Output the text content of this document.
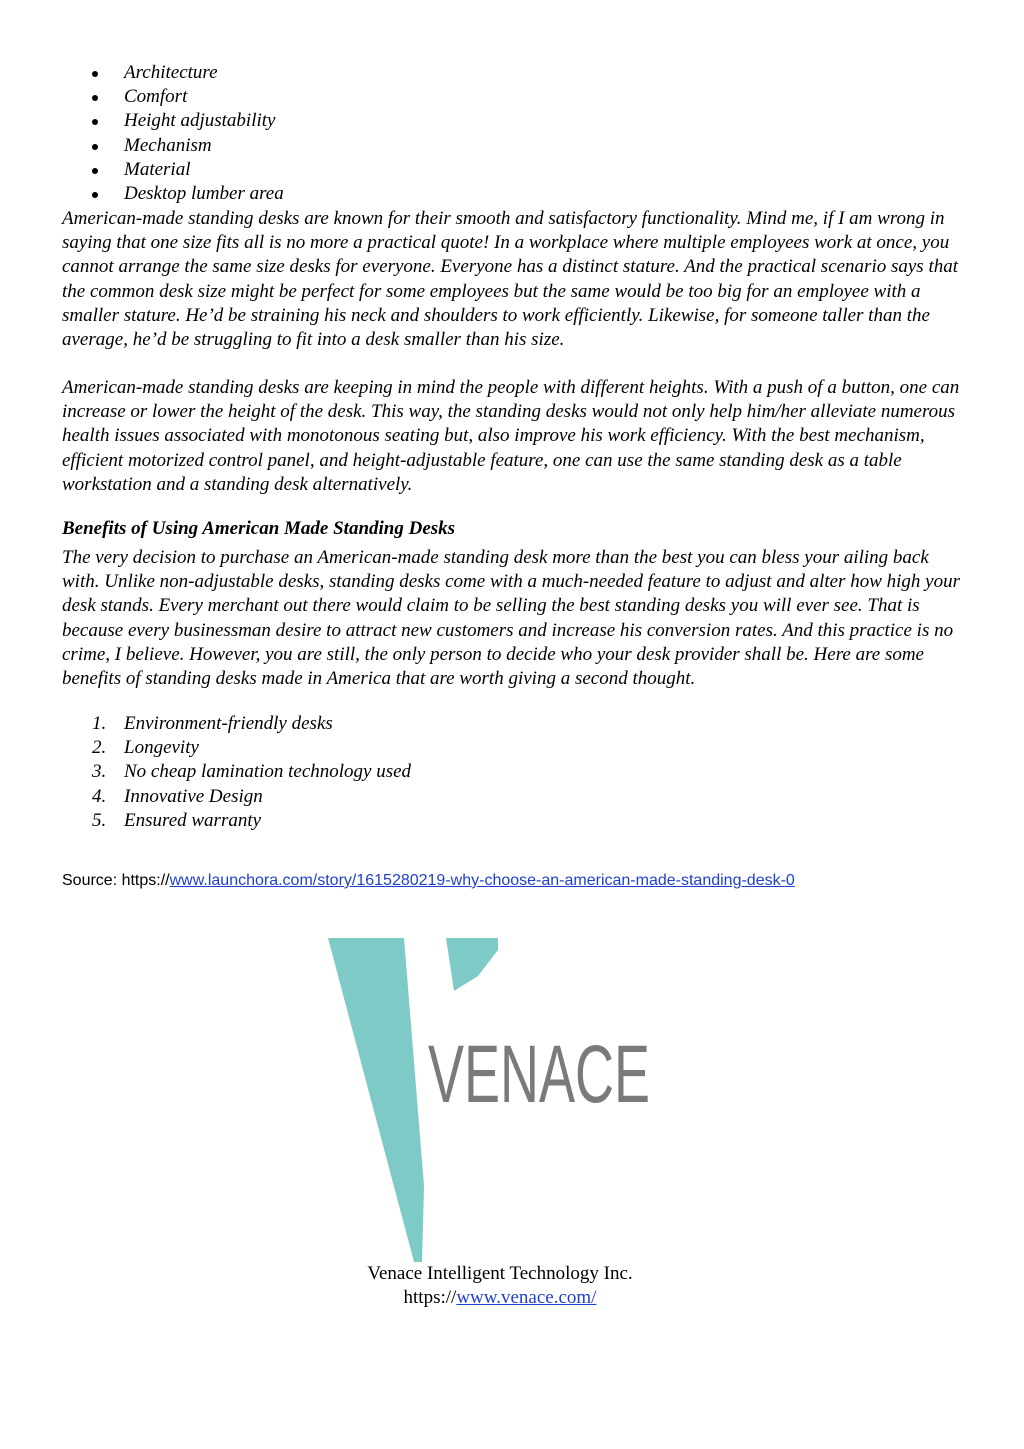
Architecture
Comfort
Height adjustability
Mechanism
Material
Desktop lumber area

American-made standing desks are known for their smooth and satisfactory functionality. Mind me, if I am wrong in saying that one size fits all is no more a practical quote! In a workplace where multiple employees work at once, you cannot arrange the same size desks for everyone. Everyone has a distinct stature. And the practical scenario says that the common desk size might be perfect for some employees but the same would be too big for an employee with a smaller stature. He’d be straining his neck and shoulders to work efficiently. Likewise, for someone taller than the average, he’d be struggling to fit into a desk smaller than his size.

American-made standing desks are keeping in mind the people with different heights. With a push of a button, one can increase or lower the height of the desk. This way, the standing desks would not only help him/her alleviate numerous health issues associated with monotonous seating but, also improve his work efficiency. With the best mechanism, efficient motorized control panel, and height-adjustable feature, one can use the same standing desk as a table workstation and a standing desk alternatively.

Benefits of Using American Made Standing Desks

The very decision to purchase an American-made standing desk more than the best you can bless your ailing back with. Unlike non-adjustable desks, standing desks come with a much-needed feature to adjust and alter how high your desk stands. Every merchant out there would claim to be selling the best standing desks you will ever see. That is because every businessman desire to attract new customers and increase his conversion rates. And this practice is no crime, I believe. However, you are still, the only person to decide who your desk provider shall be. Here are some benefits of standing desks made in America that are worth giving a second thought.

1. Environment-friendly desks
2. Longevity
3. No cheap lamination technology used
4. Innovative Design
5. Ensured warranty
Source: https://www.launchora.com/story/1615280219-why-choose-an-american-made-standing-desk-0
VENACE
Venace Intelligent Technology Inc.
https://www.venace.com/
